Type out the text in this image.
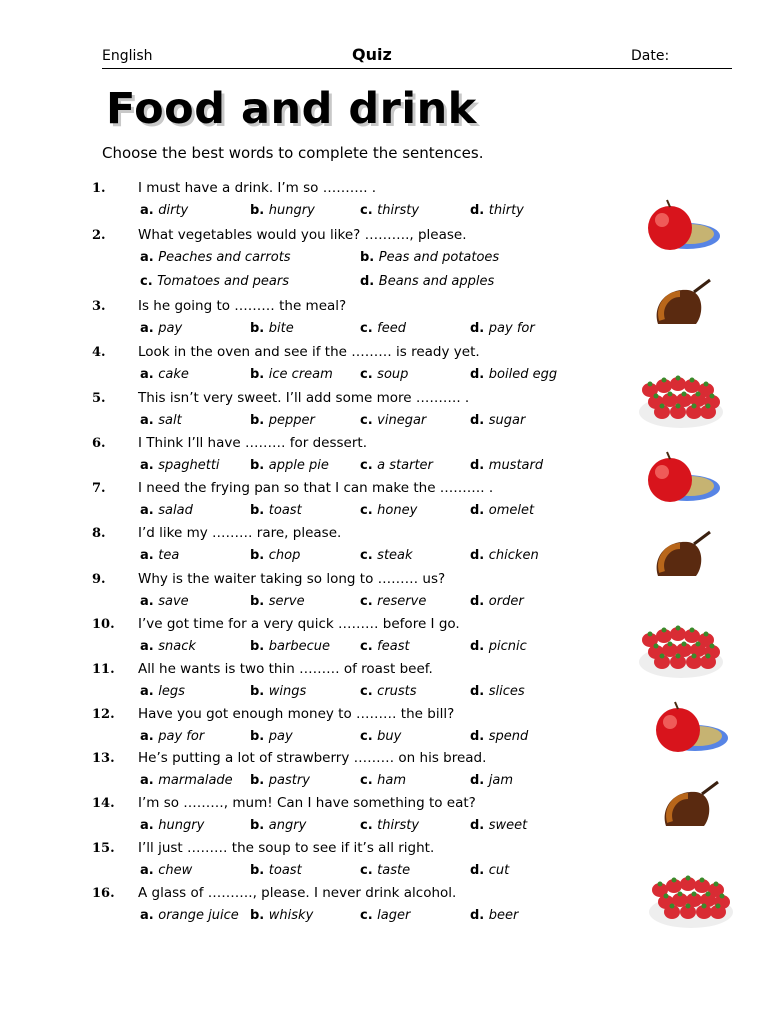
English	Quiz	Date:
Food and drink
Choose the best words to complete the sentences.
1. I must have a drink. I’m so ………. .
a. dirty	b. hungry	c. thirsty	d. thirty
2. What vegetables would you like? ………., please.
a. Peaches and carrots	b. Peas and potatoes
c. Tomatoes and pears	d. Beans and apples
3. Is he going to ……… the meal?
a. pay	b. bite	c. feed	d. pay for
4. Look in the oven and see if the ……… is ready yet.
a. cake	b. ice cream c. soup	d. boiled egg
5. This isn’t very sweet. I’ll add some more ………. .
a. salt	b. pepper	c. vinegar	d. sugar
6. I Think I’ll have ……… for dessert.
a. spaghetti b. apple pie c. a starter	d. mustard
7. I need the frying pan so that I can make the ………. .
a. salad	b. toast	c. honey	d. omelet
8. I’d like my ……… rare, please.
a. tea	b. chop	c. steak	d. chicken
9. Why is the waiter taking so long to ……… us?
a. save	b. serve	c. reserve	d. order
10. I’ve got time for a very quick ……… before I go.
a. snack	b. barbecue c. feast	d. picnic
11. All he wants is two thin ……… of roast beef.
a. legs	b. wings	c. crusts	d. slices
12. Have you got enough money to ……… the bill?
a. pay for	b. pay	c. buy	d. spend
13. He’s putting a lot of strawberry ……… on his bread.
a. marmalade b. pastry	c. ham	d. jam
14. I’m so ………, mum! Can I have something to eat?
a. hungry	b. angry	c. thirsty	d. sweet
15. I’ll just ……… the soup to see if it’s all right.
a. chew	b. toast	c. taste	d. cut
16. A glass of ………., please. I never drink alcohol.
a. orange juice b. whisky	c. lager	d. beer
